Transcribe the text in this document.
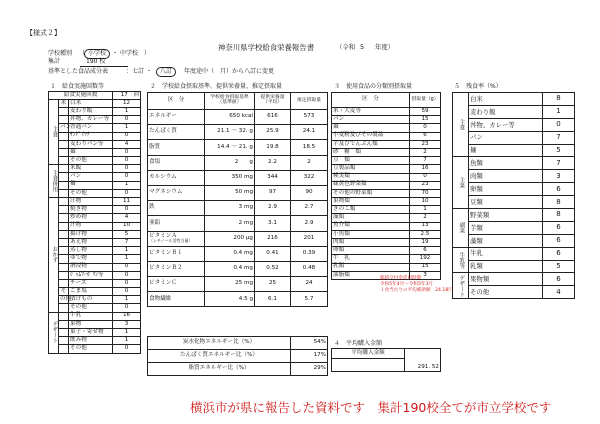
【様式２】
神奈川県学校給食栄養報告書	（令和 5 年度）
学校種別 （ 小学校 ・ 中学校 ）
集計	190 校
基準とした食品成分表	：七訂 ・	八訂	年度途中（　月）から八訂に変更
１　給食実施回数等
給食実施回数	17　回
主食	米	白米	12
		麦わり飯	1
		丼物、カレー等	0
	パン	普通パン	1
		ｻﾝﾄﾞｲｯﾁ	0
		麦わりパン等	4
		麺	0
		その他	0
主食併用		米飯	0
		パン	0
		麺	1
		その他	0
おかず		汁物	11
		焼き物	0
		炒め物	4
		汁物	10
		揚げ物	5
		あえ物	7
		蒸し物	1
		ゆで物	1
		酒浸物	0
		ｼﾞｬﾑﾏｰｶﾞﾘﾝ等	0
		チーズ	0
	そ	ごま塩	0
	の他	漬けもの	1
		その他	0
デザート		牛乳	16
		果物	3
		菓子・寄せ物	1
		飲み物	1
		その他	0
２　学校給食摂取基準、提供栄養量、推定摂取量
区　分	学校給食摂取基準（基準値）	提供栄養量（平均）	推定摂取量
エネルギー	650 kcal	616	573
たんぱく質	21.1 ～ 32. g	25.9	24.1
脂質	14.4 ～ 21. g	19.8	18.5
食塩	2　　g	2.2	2
カルシウム	350 mg	344	322
マグネシウム	50 mg	97	90
鉄	3 mg	2.9	2.7
亜鉛	2 mg	3.1	2.9
ビタミンＡ
（レチノール活性当量）	200 μg	216	201
ビタミンＢ１	0.4 mg	0.41	0.39
ビタミンＢ２	0.4 mg	0.52	0.48
ビタミンＣ	25 mg	25	24
食物繊維	4.5 g	6.1	5.7
炭水化物エネルギー比（%）	54%
たんぱく質エネルギー比（%）	17%
脂質エネルギー比（%）	29%
３　使用食品の分類別摂取量
区　分	摂取量（g）
米・大麦等	59
パン	15
麺	0
小麦粉及びその製品	6
芋及びでんぷん類	23
砂　糖　類	2
豆　類	7
豆製品類	16
種実類	0
緑黄色野菜類	23
その他の野菜類	70
果物類	10
きのこ類	1
藻類	2
魚介類	13
小魚類	2.5
肉類	19
卵類	6
牛　乳	192
乳類	15
油脂類	3
臨時交付金活用時期
令和5年4月～令和5年3月
１食当たりの平均補助額　24.18円
４　平均購入金額
平均購入金額	291. 52

５　残食率（%）
主食	白米	8
	麦わり飯	1
	丼物、カレー等	0
	パン	7
	麺	5
主菜	魚類	7
	肉類	3
	卵類	6
	豆類	8
副菜	野菜類	8
	芋類	6
	藻類	6
牛乳等	牛乳	6
	乳類	5
デザート	果物類	6
	その他	4
横浜市が県に報告した資料です　集計190校全てが市立学校です
